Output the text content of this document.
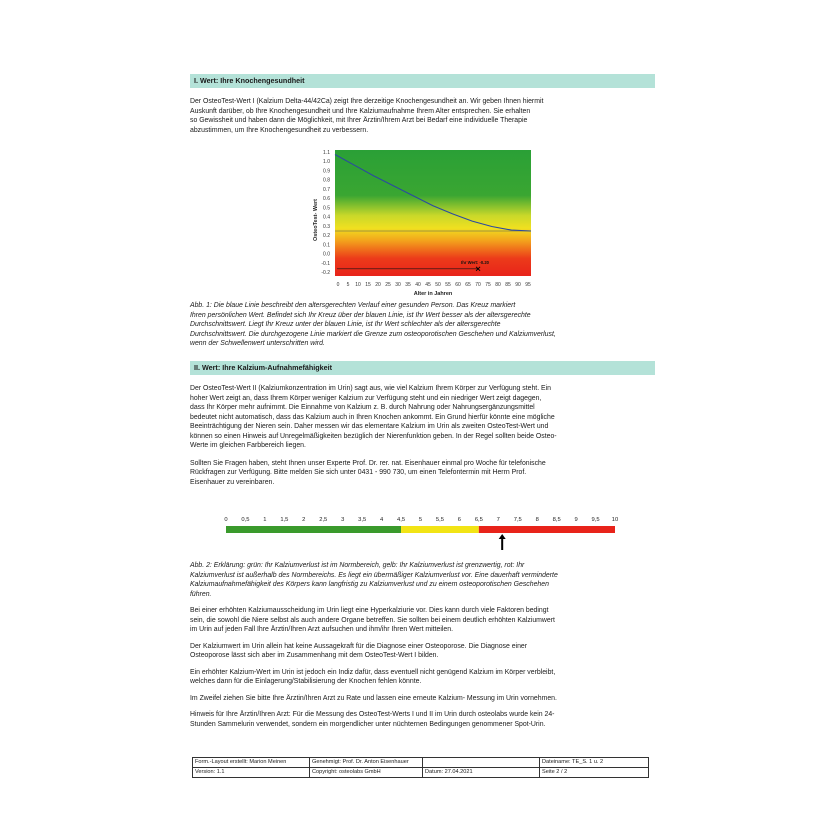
I. Wert: Ihre Knochengesundheit

Der OsteoTest-Wert I (Kalzium Delta-44/42Ca) zeigt Ihre derzeitige Knochengesundheit an. Wir geben Ihnen hiermit
Auskunft darüber, ob Ihre Knochengesundheit und Ihre Kalziumaufnahme Ihrem Alter entsprechen. Sie erhalten
so Gewissheit und haben dann die Möglichkeit, mit Ihrer Ärztin/Ihrem Arzt bei Bedarf eine individuelle Therapie
abzustimmen, um Ihre Knochengesundheit zu verbessern.

1.1
1.0
0.9
0.8
0.7
0.6
0.5
0.4
0.3
0.2
0.1
0.0
-0.1
-0.2
0 5 10 15 20 25 30 35 40 45 50 55 60 65 70 75 80 85 90 95
OsteoTest- Wert
Alter in Jahren
Ihr Wert: -0.20

Abb. 1: Die blaue Linie beschreibt den altersgerechten Verlauf einer gesunden Person. Das Kreuz markiert
Ihren persönlichen Wert. Befindet sich Ihr Kreuz über der blauen Linie, ist Ihr Wert besser als der altersgerechte
Durchschnittswert. Liegt Ihr Kreuz unter der blauen Linie, ist Ihr Wert schlechter als der altersgerechte
Durchschnittswert. Die durchgezogene Linie markiert die Grenze zum osteoporotischen Geschehen und Kalziumverlust,
wenn der Schwellenwert unterschritten wird.

II. Wert: Ihre Kalzium-Aufnahmefähigkeit

Der OsteoTest-Wert II (Kalziumkonzentration im Urin) sagt aus, wie viel Kalzium Ihrem Körper zur Verfügung steht. Ein
hoher Wert zeigt an, dass Ihrem Körper weniger Kalzium zur Verfügung steht und ein niedriger Wert zeigt dagegen,
dass Ihr Körper mehr aufnimmt. Die Einnahme von Kalzium z. B. durch Nahrung oder Nahrungsergänzungsmittel
bedeutet nicht automatisch, dass das Kalzium auch in Ihren Knochen ankommt. Ein Grund hierfür könnte eine mögliche
Beeinträchtigung der Nieren sein. Daher messen wir das elementare Kalzium im Urin als zweiten OsteoTest-Wert und
können so einen Hinweis auf Unregelmäßigkeiten bezüglich der Nierenfunktion geben. In der Regel sollten beide Osteo-
Werte im gleichen Farbbereich liegen.

Sollten Sie Fragen haben, steht Ihnen unser Experte Prof. Dr. rer. nat. Eisenhauer einmal pro Woche für telefonische
Rückfragen zur Verfügung. Bitte melden Sie sich unter 0431 - 990 730, um einen Telefontermin mit Herrn Prof.
Eisenhauer zu vereinbaren.

0 0,5 1 1,5 2 2,5 3 3,5 4 4,5 5 5,5 6 6,5 7 7,5 8 8,5 9 9,5 10

Abb. 2: Erklärung: grün: Ihr Kalziumverlust ist im Normbereich, gelb: Ihr Kalziumverlust ist grenzwertig, rot: Ihr
Kalziumverlust ist außerhalb des Normbereichs. Es liegt ein übermäßiger Kalziumverlust vor. Eine dauerhaft verminderte
Kalziumaufnahmefähigkeit des Körpers kann langfristig zu Kalziumverlust und zu einem osteoporotischen Geschehen
führen.

Bei einer erhöhten Kalziumausscheidung im Urin liegt eine Hyperkalziurie vor. Dies kann durch viele Faktoren bedingt
sein, die sowohl die Niere selbst als auch andere Organe betreffen. Sie sollten bei einem deutlich erhöhten Kalziumwert
im Urin auf jeden Fall Ihre Ärztin/Ihren Arzt aufsuchen und ihm/ihr Ihren Wert mitteilen.

Der Kalziumwert im Urin allein hat keine Aussagekraft für die Diagnose einer Osteoporose. Die Diagnose einer
Osteoporose lässt sich aber im Zusammenhang mit dem OsteoTest-Wert I bilden.

Ein erhöhter Kalzium-Wert im Urin ist jedoch ein Indiz dafür, dass eventuell nicht genügend Kalzium im Körper verbleibt,
welches dann für die Einlagerung/Stabilisierung der Knochen fehlen könnte.

Im Zweifel ziehen Sie bitte Ihre Ärztin/Ihren Arzt zu Rate und lassen eine erneute Kalzium- Messung im Urin vornehmen.

Hinweis für Ihre Ärztin/Ihren Arzt: Für die Messung des OsteoTest-Werts I und II im Urin durch osteolabs wurde kein 24-
Stunden Sammelurin verwendet, sondern ein morgendlicher unter nüchternen Bedingungen genommener Spot-Urin.

Form.-Layout erstellt: Marion Meinen	Genehmigt: Prof. Dr. Anton Eisenhauer		Dateiname: TE_S. 1 u. 2
Version: 1.1	Copyright: osteolabs GmbH	Datum: 27.04.2021	Seite 2 / 2
